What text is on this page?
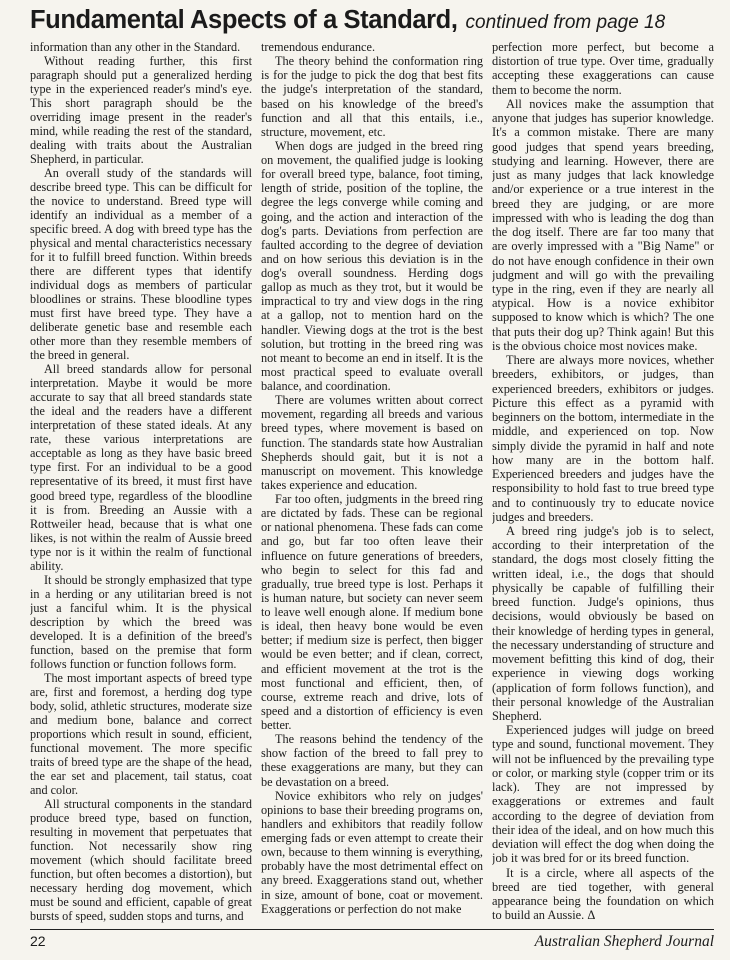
Fundamental Aspects of a Standard, continued from page 18

information than any other in the Standard.

Without reading further, this first paragraph should put a generalized herding type in the experienced reader's mind's eye. This short paragraph should be the overriding image present in the reader's mind, while reading the rest of the standard, dealing with traits about the Australian Shepherd, in particular.

An overall study of the standards will describe breed type. This can be difficult for the novice to understand. Breed type will identify an individual as a member of a specific breed. A dog with breed type has the physical and mental characteristics necessary for it to fulfill breed function. Within breeds there are different types that identify individual dogs as members of particular bloodlines or strains. These bloodline types must first have breed type. They have a deliberate genetic base and resemble each other more than they resemble members of the breed in general.

All breed standards allow for personal interpretation. Maybe it would be more accurate to say that all breed standards state the ideal and the readers have a different interpretation of these stated ideals. At any rate, these various interpretations are acceptable as long as they have basic breed type first. For an individual to be a good representative of its breed, it must first have good breed type, regardless of the bloodline it is from. Breeding an Aussie with a Rottweiler head, because that is what one likes, is not within the realm of Aussie breed type nor is it within the realm of functional ability.

It should be strongly emphasized that type in a herding or any utilitarian breed is not just a fanciful whim. It is the physical description by which the breed was developed. It is a definition of the breed's function, based on the premise that form follows function or function follows form.

The most important aspects of breed type are, first and foremost, a herding dog type body, solid, athletic structures, moderate size and medium bone, balance and correct proportions which result in sound, efficient, functional movement. The more specific traits of breed type are the shape of the head, the ear set and placement, tail status, coat and color.

All structural components in the standard produce breed type, based on function, resulting in movement that perpetuates that function. Not necessarily show ring movement (which should facilitate breed function, but often becomes a distortion), but necessary herding dog movement, which must be sound and efficient, capable of great bursts of speed, sudden stops and turns, and

tremendous endurance.

The theory behind the conformation ring is for the judge to pick the dog that best fits the judge's interpretation of the standard, based on his knowledge of the breed's function and all that this entails, i.e., structure, movement, etc.

When dogs are judged in the breed ring on movement, the qualified judge is looking for overall breed type, balance, foot timing, length of stride, position of the topline, the degree the legs converge while coming and going, and the action and interaction of the dog's parts. Deviations from perfection are faulted according to the degree of deviation and on how serious this deviation is in the dog's overall soundness. Herding dogs gallop as much as they trot, but it would be impractical to try and view dogs in the ring at a gallop, not to mention hard on the handler. Viewing dogs at the trot is the best solution, but trotting in the breed ring was not meant to become an end in itself. It is the most practical speed to evaluate overall balance, and coordination.

There are volumes written about correct movement, regarding all breeds and various breed types, where movement is based on function. The standards state how Australian Shepherds should gait, but it is not a manuscript on movement. This knowledge takes experience and education.

Far too often, judgments in the breed ring are dictated by fads. These can be regional or national phenomena. These fads can come and go, but far too often leave their influence on future generations of breeders, who begin to select for this fad and gradually, true breed type is lost. Perhaps it is human nature, but society can never seem to leave well enough alone. If medium bone is ideal, then heavy bone would be even better; if medium size is perfect, then bigger would be even better; and if clean, correct, and efficient movement at the trot is the most functional and efficient, then, of course, extreme reach and drive, lots of speed and a distortion of efficiency is even better.

The reasons behind the tendency of the show faction of the breed to fall prey to these exaggerations are many, but they can be devastation on a breed.

Novice exhibitors who rely on judges' opinions to base their breeding programs on, handlers and exhibitors that readily follow emerging fads or even attempt to create their own, because to them winning is everything, probably have the most detrimental effect on any breed. Exaggerations stand out, whether in size, amount of bone, coat or movement. Exaggerations or perfection do not make

perfection more perfect, but become a distortion of true type. Over time, gradually accepting these exaggerations can cause them to become the norm.

All novices make the assumption that anyone that judges has superior knowledge. It's a common mistake. There are many good judges that spend years breeding, studying and learning. However, there are just as many judges that lack knowledge and/or experience or a true interest in the breed they are judging, or are more impressed with who is leading the dog than the dog itself. There are far too many that are overly impressed with a "Big Name" or do not have enough confidence in their own judgment and will go with the prevailing type in the ring, even if they are nearly all atypical. How is a novice exhibitor supposed to know which is which? The one that puts their dog up? Think again! But this is the obvious choice most novices make.

There are always more novices, whether breeders, exhibitors, or judges, than experienced breeders, exhibitors or judges. Picture this effect as a pyramid with beginners on the bottom, intermediate in the middle, and experienced on top. Now simply divide the pyramid in half and note how many are in the bottom half. Experienced breeders and judges have the responsibility to hold fast to true breed type and to continuously try to educate novice judges and breeders.

A breed ring judge's job is to select, according to their interpretation of the standard, the dogs most closely fitting the written ideal, i.e., the dogs that should physically be capable of fulfilling their breed function. Judge's opinions, thus decisions, would obviously be based on their knowledge of herding types in general, the necessary understanding of structure and movement befitting this kind of dog, their experience in viewing dogs working (application of form follows function), and their personal knowledge of the Australian Shepherd.

Experienced judges will judge on breed type and sound, functional movement. They will not be influenced by the prevailing type or color, or marking style (copper trim or its lack). They are not impressed by exaggerations or extremes and fault according to the degree of deviation from their idea of the ideal, and on how much this deviation will effect the dog when doing the job it was bred for or its breed function.

It is a circle, where all aspects of the breed are tied together, with general appearance being the foundation on which to build an Aussie. Δ

22	Australian Shepherd Journal
